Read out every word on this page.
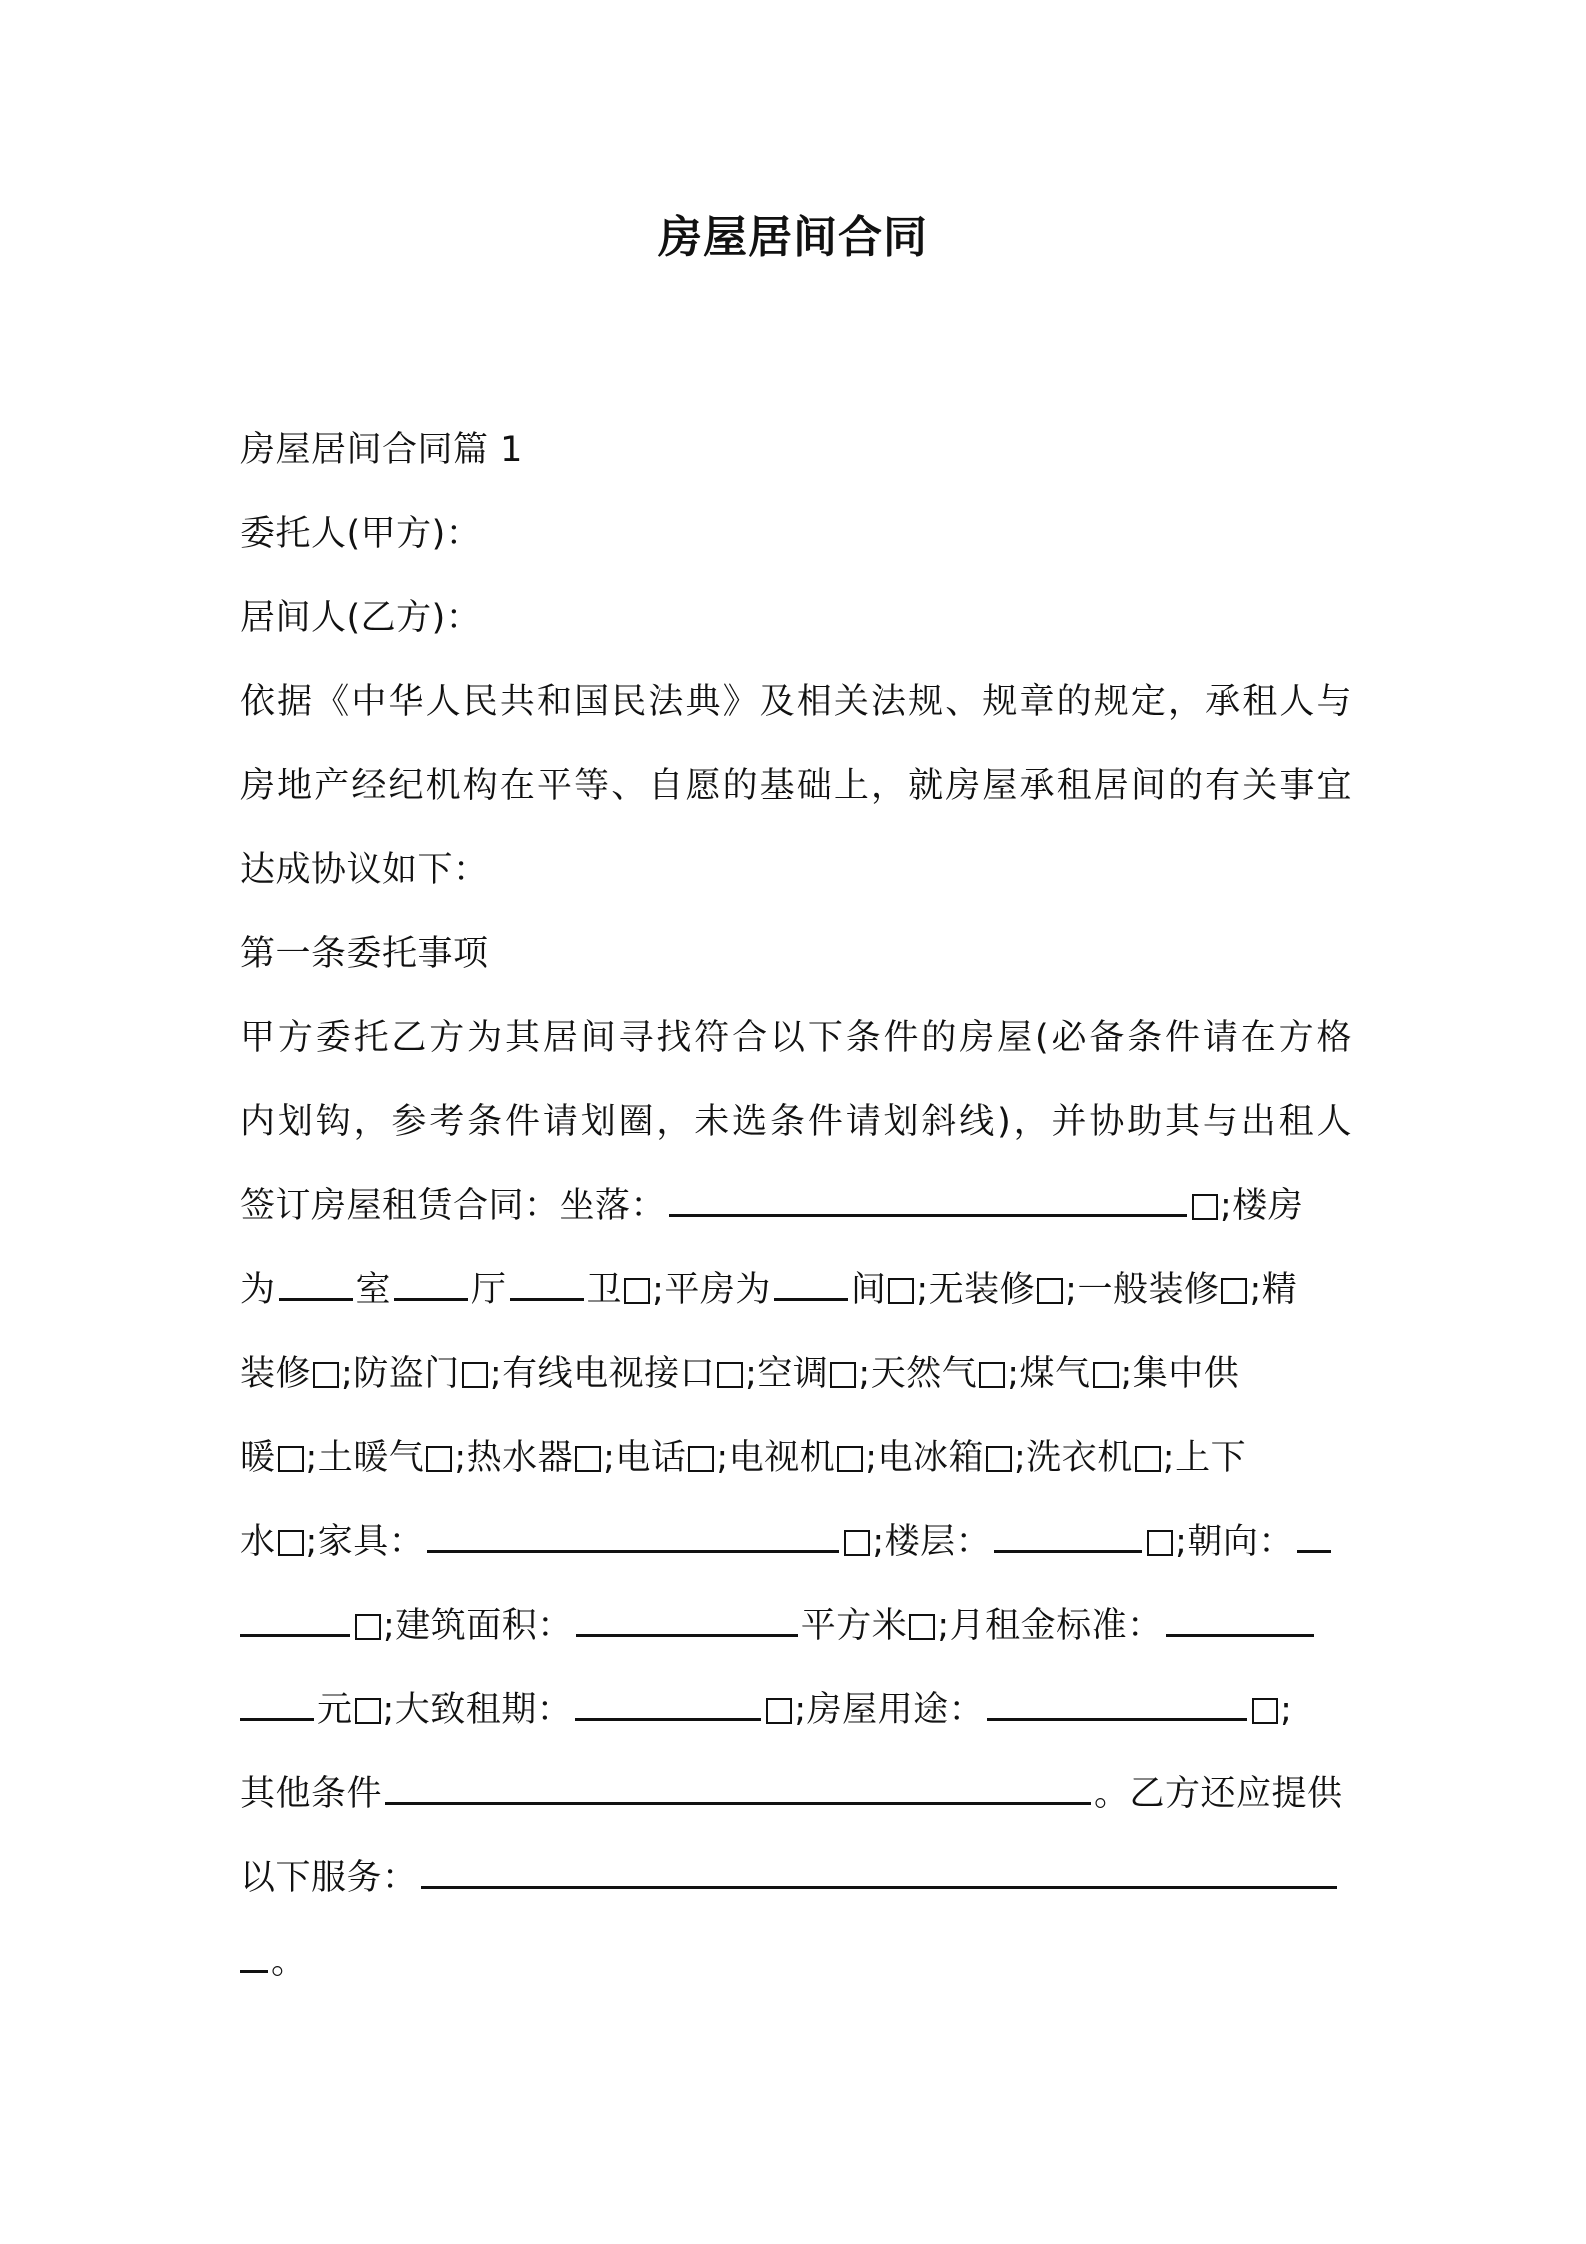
房屋居间合同
房屋居间合同篇 1
委托人(甲方)：
居间人(乙方)：
依据《中华人民共和国民法典》及相关法规、规章的规定，承租人与
房地产经纪机构在平等、自愿的基础上，就房屋承租居间的有关事宜
达成协议如下：
第一条委托事项
甲方委托乙方为其居间寻找符合以下条件的房屋(必备条件请在方格
内划钩，参考条件请划圈，未选条件请划斜线)，并协助其与出租人
签订房屋租赁合同：坐落：	;楼房
为 室 厅 卫 ;平房为 间 ;无装修 ;一般装修 ;精
装修 ;防盗门 ;有线电视接口 ;空调 ;天然气 ;煤气 ;集中供
暖 ;土暖气 ;热水器 ;电话 ;电视机 ;电冰箱 ;洗衣机 ;上下
水 ;家具：	;楼层：	;朝向：
;建筑面积：	平方米 ;月租金标准：
元 ;大致租期：	;房屋用途：	;
其他条件	。乙方还应提供
以下服务：
。
